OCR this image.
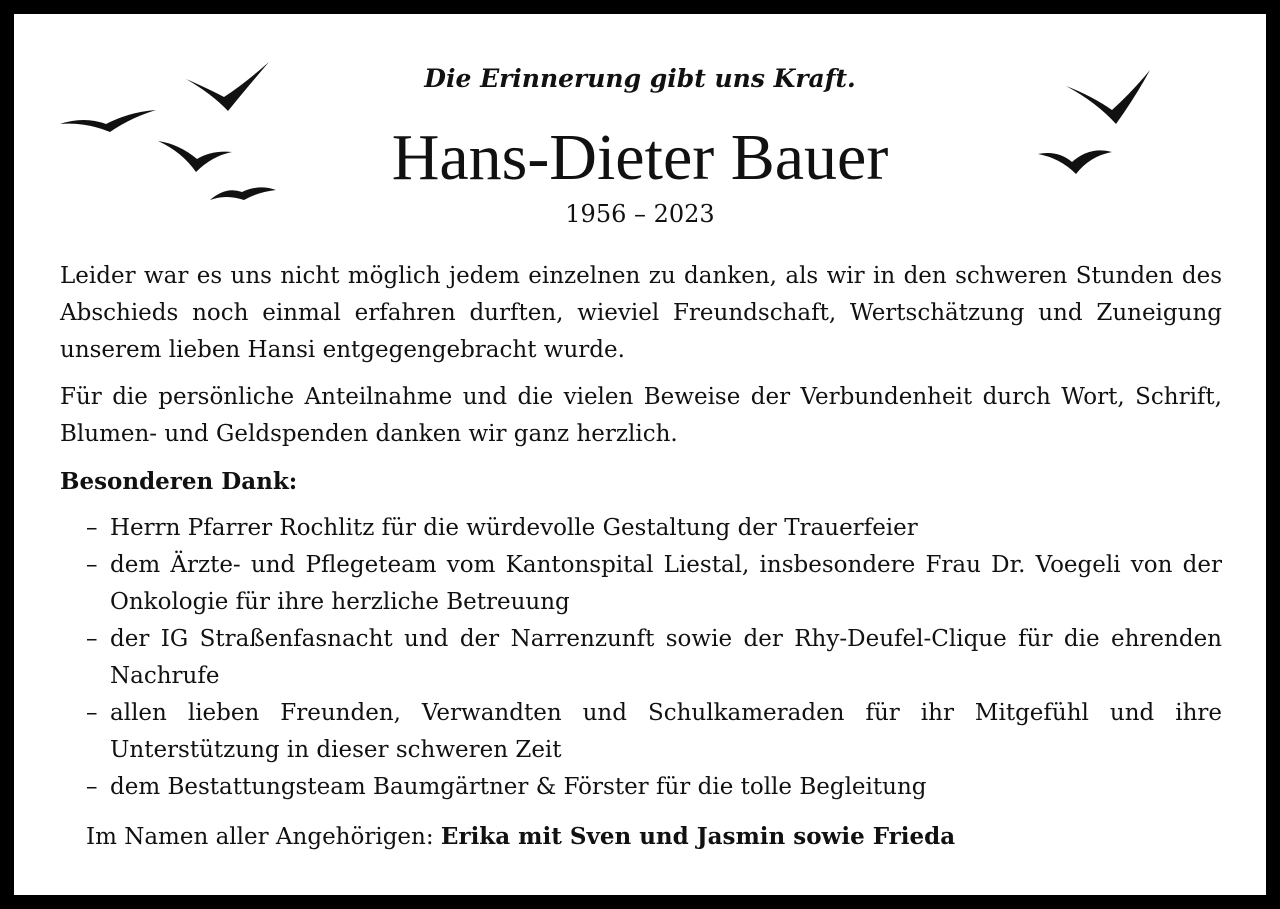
Die Erinnerung gibt uns Kraft.

Hans-Dieter Bauer

1956 – 2023

Leider war es uns nicht möglich jedem einzelnen zu danken, als wir in den schweren Stunden des Abschieds noch einmal erfahren durften, wieviel Freundschaft, Wertschätzung und Zuneigung unserem lieben Hansi entgegengebracht wurde.

Für die persönliche Anteilnahme und die vielen Beweise der Verbundenheit durch Wort, Schrift, Blumen- und Geldspenden danken wir ganz herzlich.

Besonderen Dank:

– Herrn Pfarrer Rochlitz für die würdevolle Gestaltung der Trauerfeier
– dem Ärzte- und Pflegeteam vom Kantonspital Liestal, insbesondere Frau Dr. Voegeli von der Onkologie für ihre herzliche Betreuung
– der IG Straßenfasnacht und der Narrenzunft sowie der Rhy-Deufel-Clique für die ehrenden Nachrufe
– allen lieben Freunden, Verwandten und Schulkameraden für ihr Mitgefühl und ihre Unterstützung in dieser schweren Zeit
– dem Bestattungsteam Baumgärtner & Förster für die tolle Begleitung

Im Namen aller Angehörigen: Erika mit Sven und Jasmin sowie Frieda
